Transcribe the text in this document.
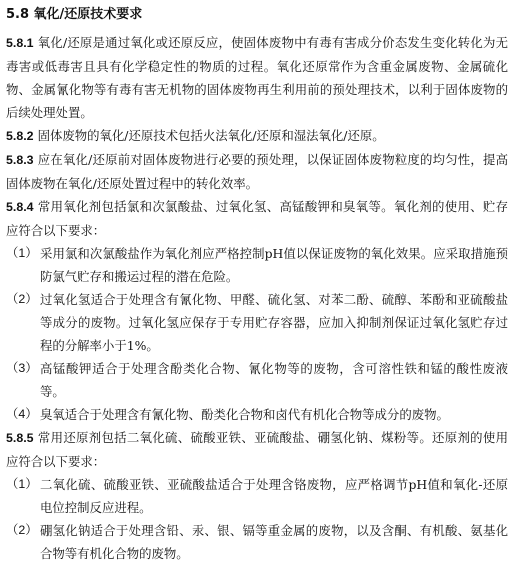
5.8 氧化/还原技术要求

5.8.1 氧化/还原是通过氧化或还原反应，使固体废物中有毒有害成分价态发生变化转化为无毒害或低毒害且具有化学稳定性的物质的过程。氧化还原常作为含重金属废物、金属硫化物、金属氰化物等有毒有害无机物的固体废物再生利用前的预处理技术，以利于固体废物的后续处理处置。

5.8.2 固体废物的氧化/还原技术包括火法氧化/还原和湿法氧化/还原。

5.8.3 应在氧化/还原前对固体废物进行必要的预处理，以保证固体废物粒度的均匀性，提高固体废物在氧化/还原处置过程中的转化效率。

5.8.4 常用氧化剂包括氯和次氯酸盐、过氧化氢、高锰酸钾和臭氧等。氧化剂的使用、贮存应符合以下要求：

（1） 采用氯和次氯酸盐作为氧化剂应严格控制pH值以保证废物的氧化效果。应采取措施预防氯气贮存和搬运过程的潜在危险。
（2） 过氧化氢适合于处理含有氰化物、甲醛、硫化氢、对苯二酚、硫醇、苯酚和亚硫酸盐等成分的废物。过氧化氢应保存于专用贮存容器，应加入抑制剂保证过氧化氢贮存过程的分解率小于1%。
（3） 高锰酸钾适合于处理含酚类化合物、氰化物等的废物，含可溶性铁和锰的酸性废液等。
（4） 臭氧适合于处理含有氰化物、酚类化合物和卤代有机化合物等成分的废物。

5.8.5 常用还原剂包括二氧化硫、硫酸亚铁、亚硫酸盐、硼氢化钠、煤粉等。还原剂的使用应符合以下要求：

（1） 二氧化硫、硫酸亚铁、亚硫酸盐适合于处理含铬废物，应严格调节pH值和氧化-还原电位控制反应进程。
（2） 硼氢化钠适合于处理含铅、汞、银、镉等重金属的废物，以及含酮、有机酸、氨基化合物等有机化合物的废物。
